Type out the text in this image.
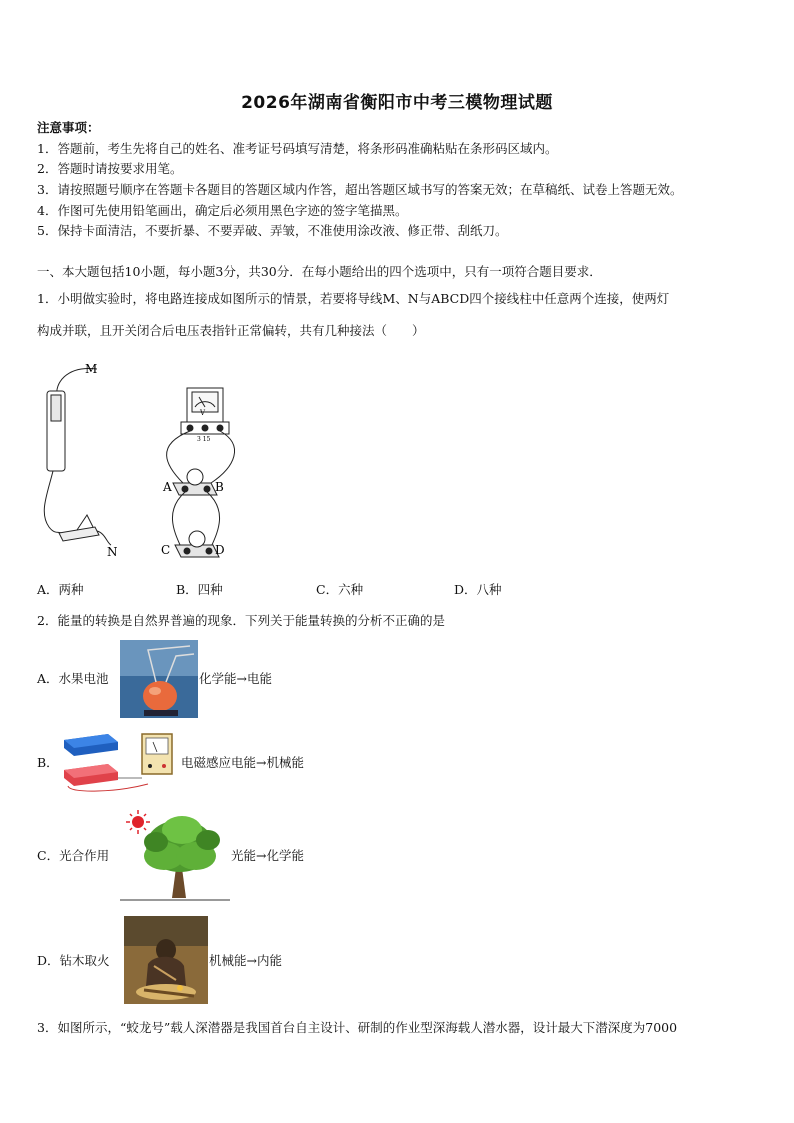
2026年湖南省衡阳市中考三模物理试题
注意事项：
1．答题前，考生先将自己的姓名、准考证号码填写清楚，将条形码准确粘贴在条形码区域内。
2．答题时请按要求用笔。
3．请按照题号顺序在答题卡各题目的答题区域内作答，超出答题区域书写的答案无效；在草稿纸、试卷上答题无效。
4．作图可先使用铅笔画出，确定后必须用黑色字迹的签字笔描黑。
5．保持卡面清洁，不要折暴、不要弄破、弄皱，不准使用涂改液、修正带、刮纸刀。
一、本大题包括10小题，每小题3分，共30分．在每小题给出的四个选项中，只有一项符合题目要求．
1．小明做实验时，将电路连接成如图所示的情景，若要将导线M、N与ABCD四个接线柱中任意两个连接，使两灯
构成并联，且开关闭合后电压表指针正常偏转，共有几种接法（　　）
M
N
A	B
C	D
V
3 15
A．两种	B．四种	C．六种	D．八种
2．能量的转换是自然界普遍的现象．下列关于能量转换的分析不正确的是
A．水果电池	化学能→电能
B．	电磁感应电能→机械能
C．光合作用	光能→化学能
D．钻木取火	机械能→内能
3．如图所示，“蛟龙号”载人深潜器是我国首台自主设计、研制的作业型深海载人潜水器，设计最大下潜深度为7000
